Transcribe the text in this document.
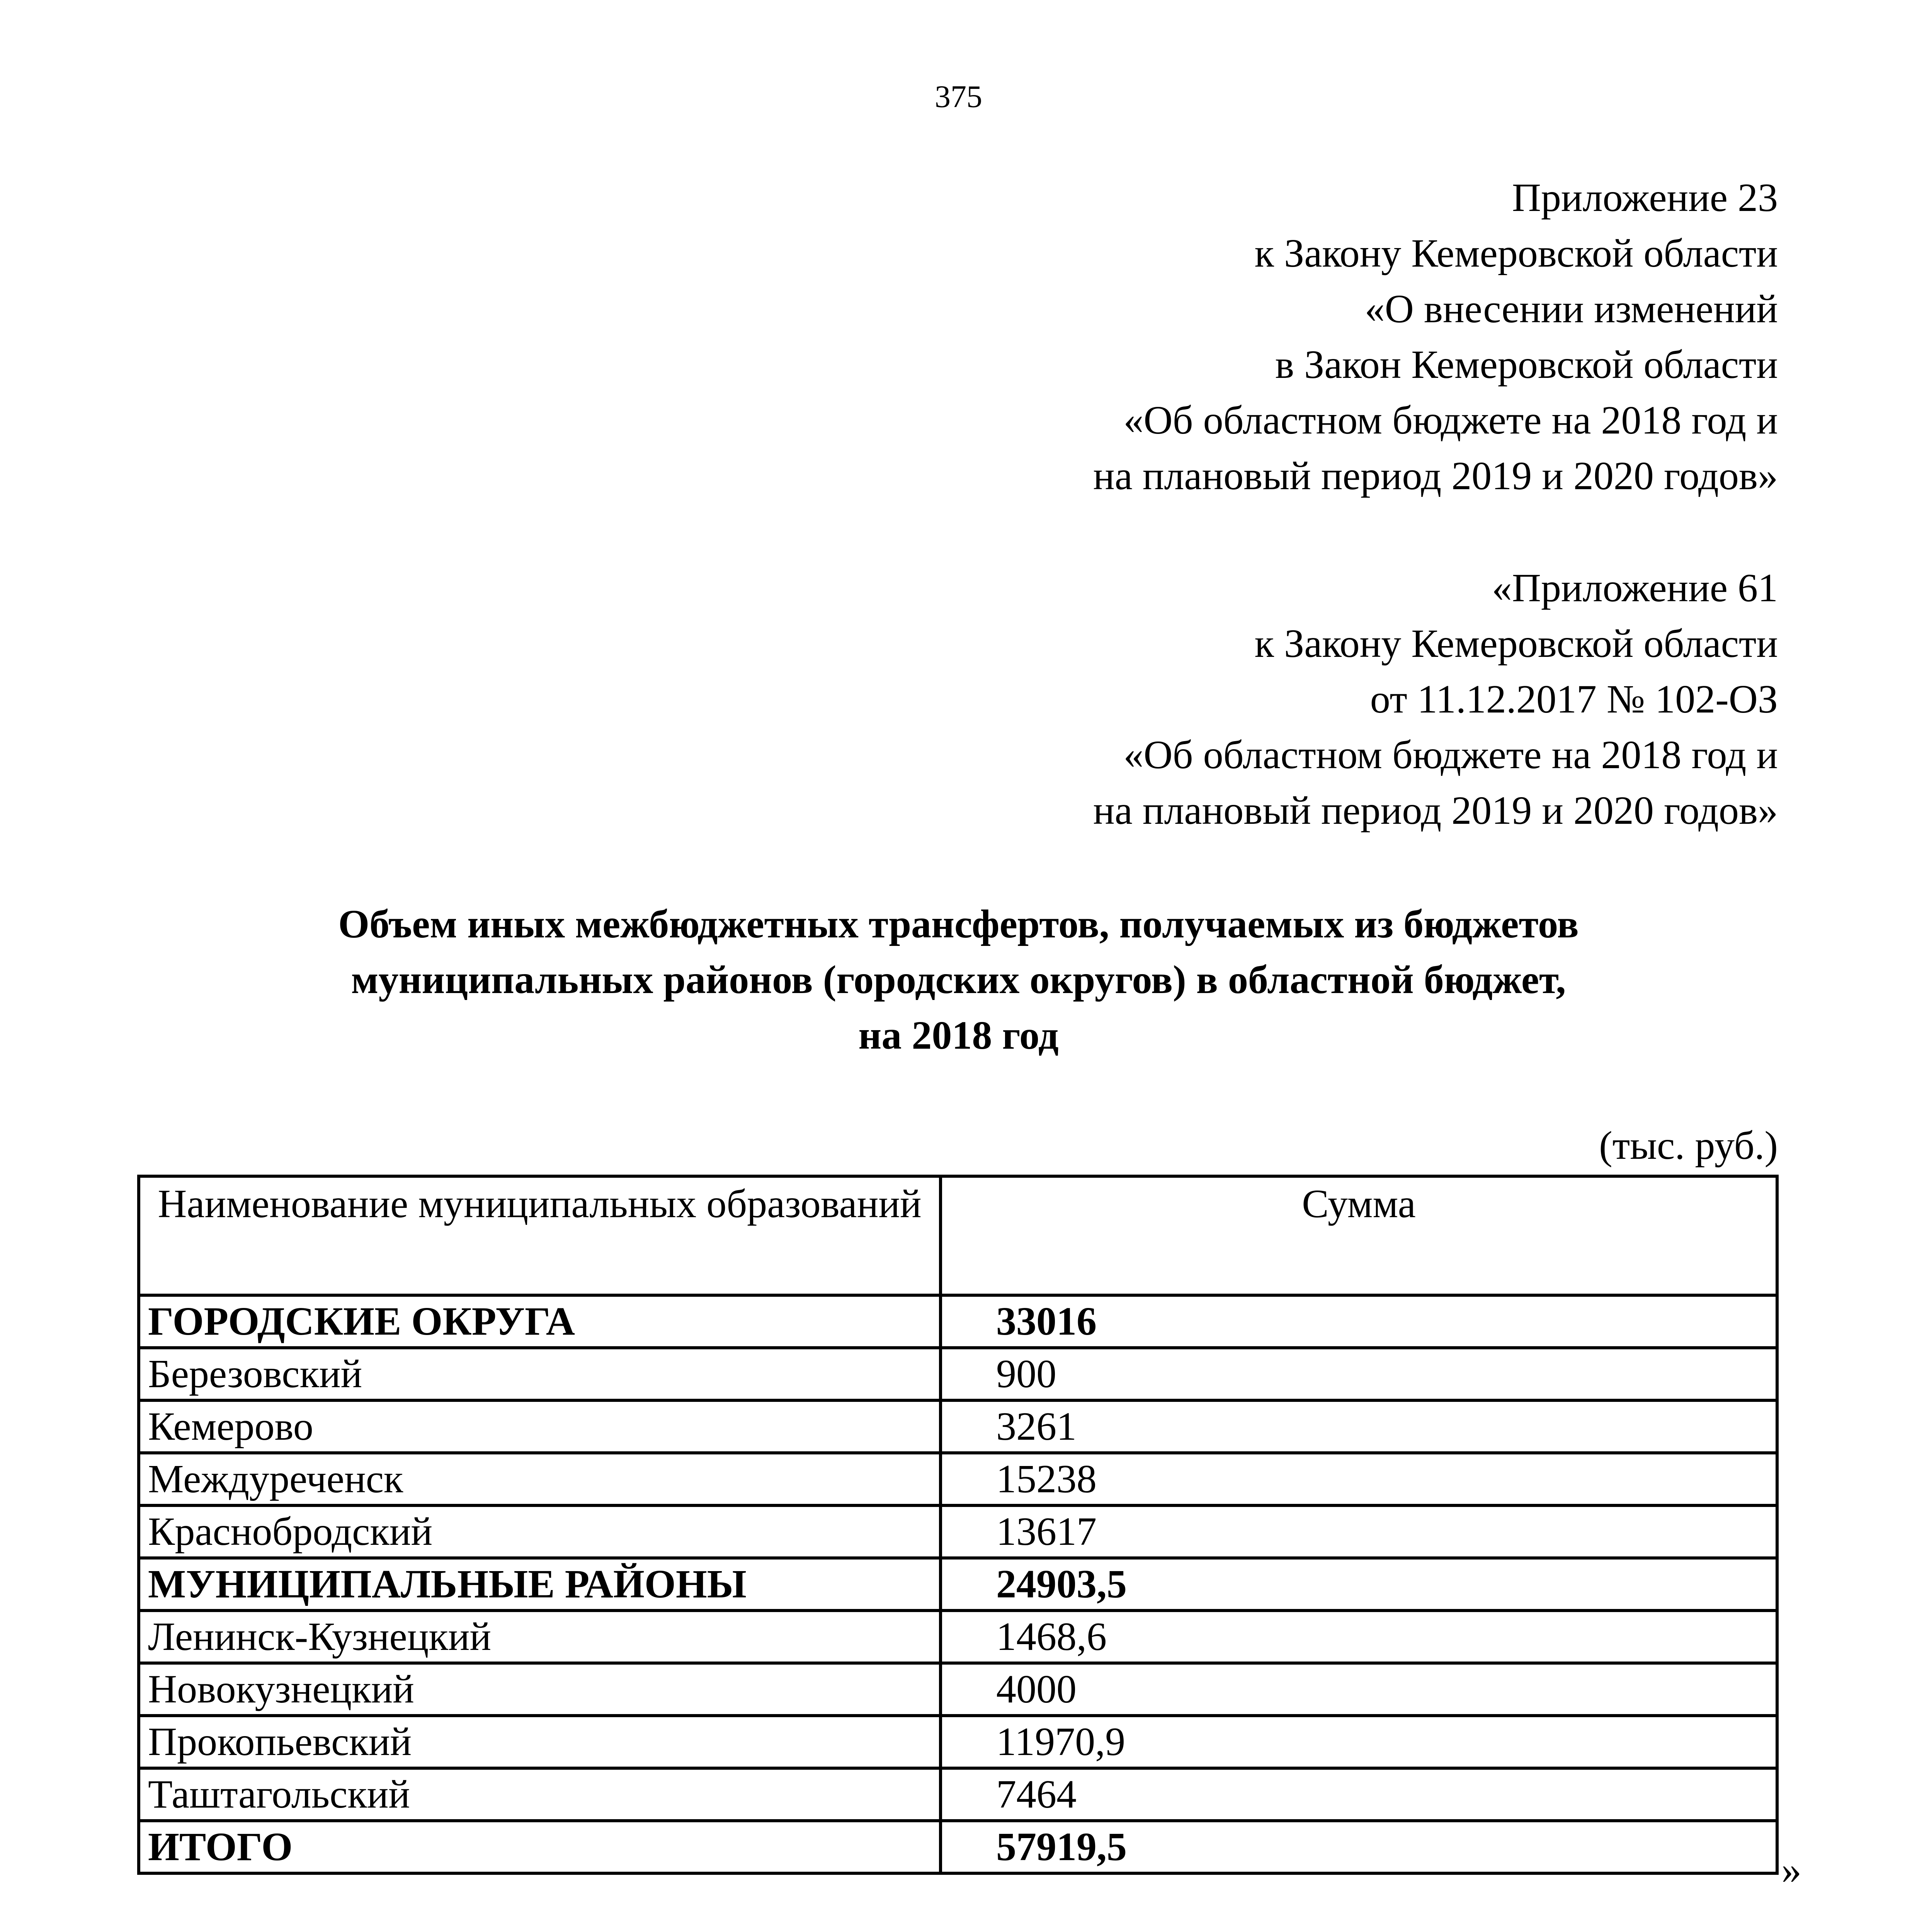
375
Приложение 23
к Закону Кемеровской области
«О внесении изменений
в Закон Кемеровской области
«Об областном бюджете на 2018 год и
на плановый период 2019 и 2020 годов»
«Приложение 61
к Закону Кемеровской области
от 11.12.2017 № 102-ОЗ
«Об областном бюджете на 2018 год и
на плановый период 2019 и 2020 годов»
Объем иных межбюджетных трансфертов, получаемых из бюджетов
муниципальных районов (городских округов) в областной бюджет,
на 2018 год
(тыс. руб.)
Наименование муниципальных образований	Сумма
ГОРОДСКИЕ ОКРУГА	33016
Березовский	900
Кемерово	3261
Междуреченск	15238
Краснобродский	13617
МУНИЦИПАЛЬНЫЕ РАЙОНЫ	24903,5
Ленинск-Кузнецкий	1468,6
Новокузнецкий	4000
Прокопьевский	11970,9
Таштагольский	7464
ИТОГО	57919,5
»
